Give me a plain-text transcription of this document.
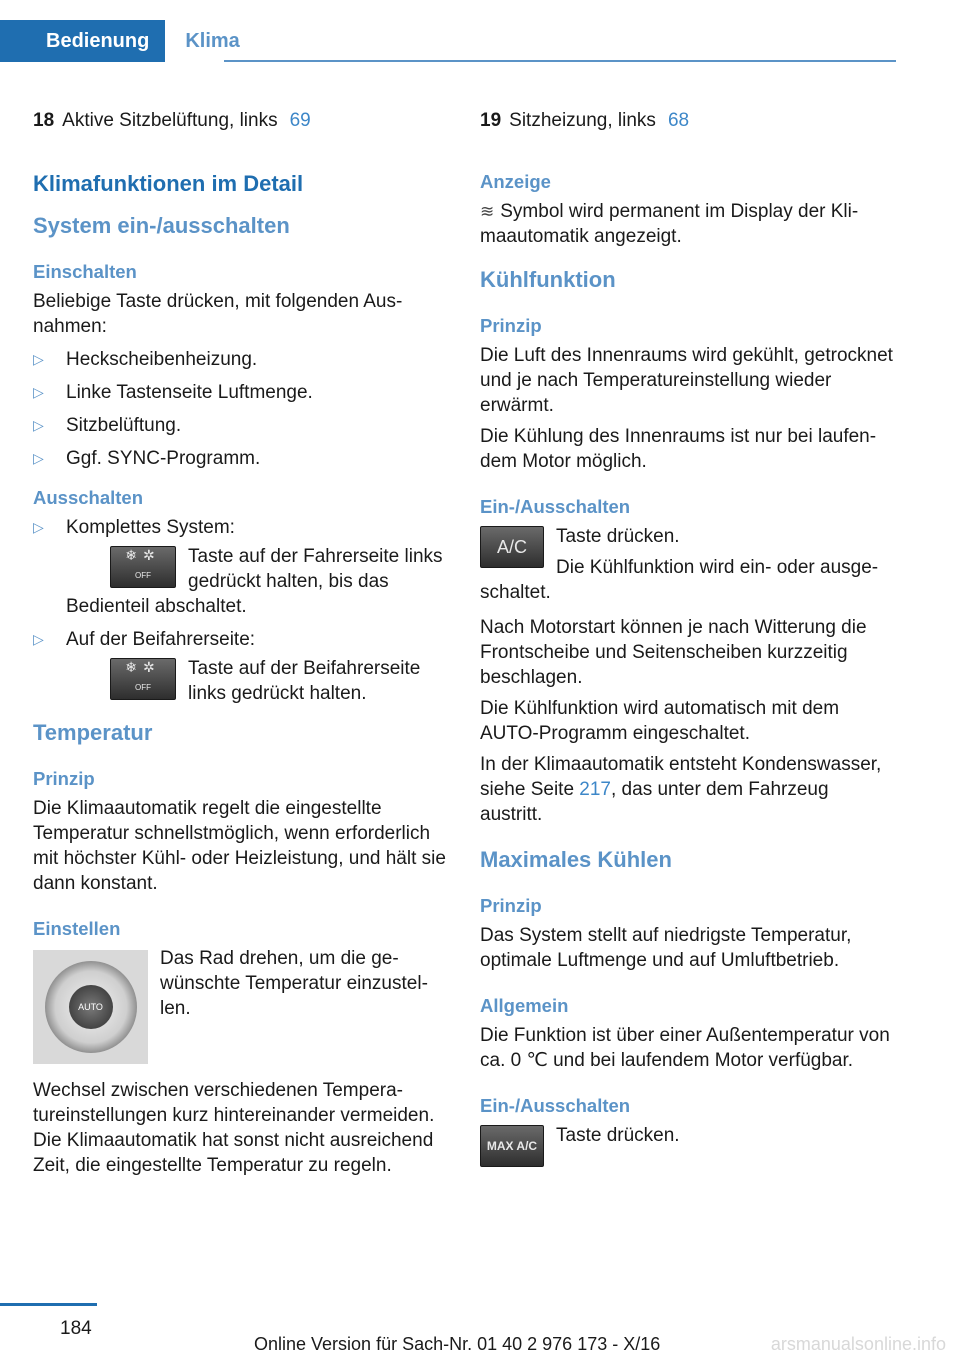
Bedienung	Klima
18 Aktive Sitzbelüftung, links 69
Klimafunktionen im Detail
System ein-/ausschalten
Einschalten

Beliebige Taste drücken, mit folgenden Ausnahmen:

▷ Heckscheibenheizung.
▷ Linke Tastenseite Luftmenge.
▷ Sitzbelüftung.
▷ Ggf. SYNC-Programm.
Ausschalten
▷ Komplettes System:
❄✲
OFF
Taste auf der Fahrerseite links gedrückt halten, bis das Bedienteil abschaltet.
▷ Auf der Beifahrerseite:
❄✲
OFF
Taste auf der Beifahrerseite links gedrückt halten.
Temperatur
Prinzip

Die Klimaautomatik regelt die eingestellte Temperatur schnellstmöglich, wenn erforderlich mit höchster Kühl- oder Heizleistung, und hält sie dann konstant.

Einstellen
AUTO

Das Rad drehen, um die gewünschte Temperatur einzustellen.

Wechsel zwischen verschiedenen Temperatureinstellungen kurz hintereinander vermeiden. Die Klimaautomatik hat sonst nicht ausreichend Zeit, die eingestellte Temperatur zu regeln.

19 Sitzheizung, links 68
Anzeige

≋ Symbol wird permanent im Display der Klimaautomatik angezeigt.

Kühlfunktion
Prinzip

Die Luft des Innenraums wird gekühlt, getrocknet und je nach Temperatureinstellung wieder erwärmt.

Die Kühlung des Innenraums ist nur bei laufendem Motor möglich.

Ein-/Ausschalten
A/C	Taste drücken.

Die Kühlfunktion wird ein- oder ausgeschaltet.

Nach Motorstart können je nach Witterung die Frontscheibe und Seitenscheiben kurzzeitig beschlagen.

Die Kühlfunktion wird automatisch mit dem AUTO-Programm eingeschaltet.

In der Klimaautomatik entsteht Kondenswasser, siehe Seite 217, das unter dem Fahrzeug austritt.

Maximales Kühlen
Prinzip

Das System stellt auf niedrigste Temperatur, optimale Luftmenge und auf Umluftbetrieb.

Allgemein

Die Funktion ist über einer Außentemperatur von ca. 0 ℃ und bei laufendem Motor verfügbar.

Ein-/Ausschalten
MAX A/C Taste drücken.

184
Online Version für Sach-Nr. 01 40 2 976 173 - X/16	arsmanualsonline.info
